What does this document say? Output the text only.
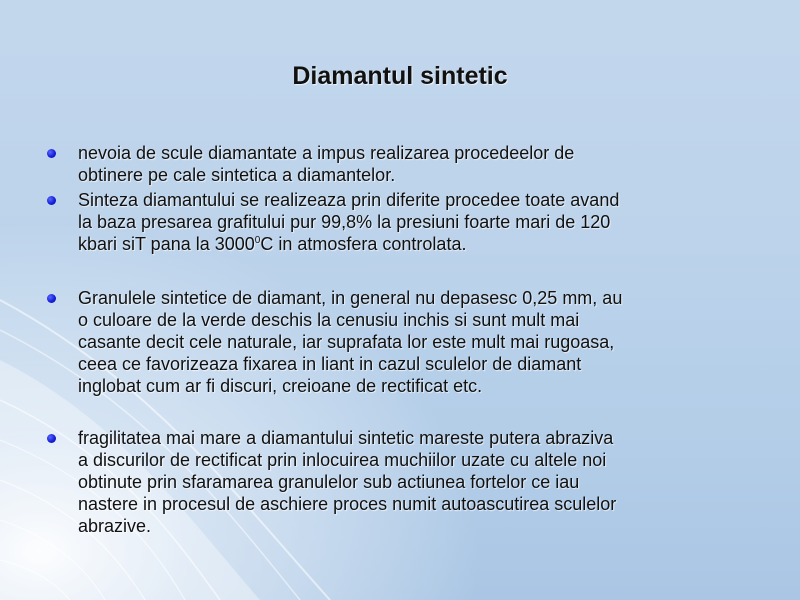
Diamantul sintetic

nevoia de scule diamantate a impus realizarea procedeelor de
obtinere pe cale sintetica a diamantelor.

Sinteza diamantului se realizeaza prin diferite procedee toate avand
la baza presarea grafitului pur 99,8% la presiuni foarte mari de 120
kbari siT pana la 3000$^0$C in atmosfera controlata.

Granulele sintetice de diamant, in general nu depasesc 0,25 mm, au
o culoare de la verde deschis la cenusiu inchis si sunt mult mai
casante decit cele naturale, iar suprafata lor este mult mai rugoasa,
ceea ce favorizeaza fixarea in liant in cazul sculelor de diamant
inglobat cum ar fi discuri, creioane de rectificat etc.

fragilitatea mai mare a diamantului sintetic mareste putera abraziva
a discurilor de rectificat prin inlocuirea muchiilor uzate cu altele noi
obtinute prin sfaramarea granulelor sub actiunea fortelor ce iau
nastere in procesul de aschiere proces numit autoascutirea sculelor
abrazive.
